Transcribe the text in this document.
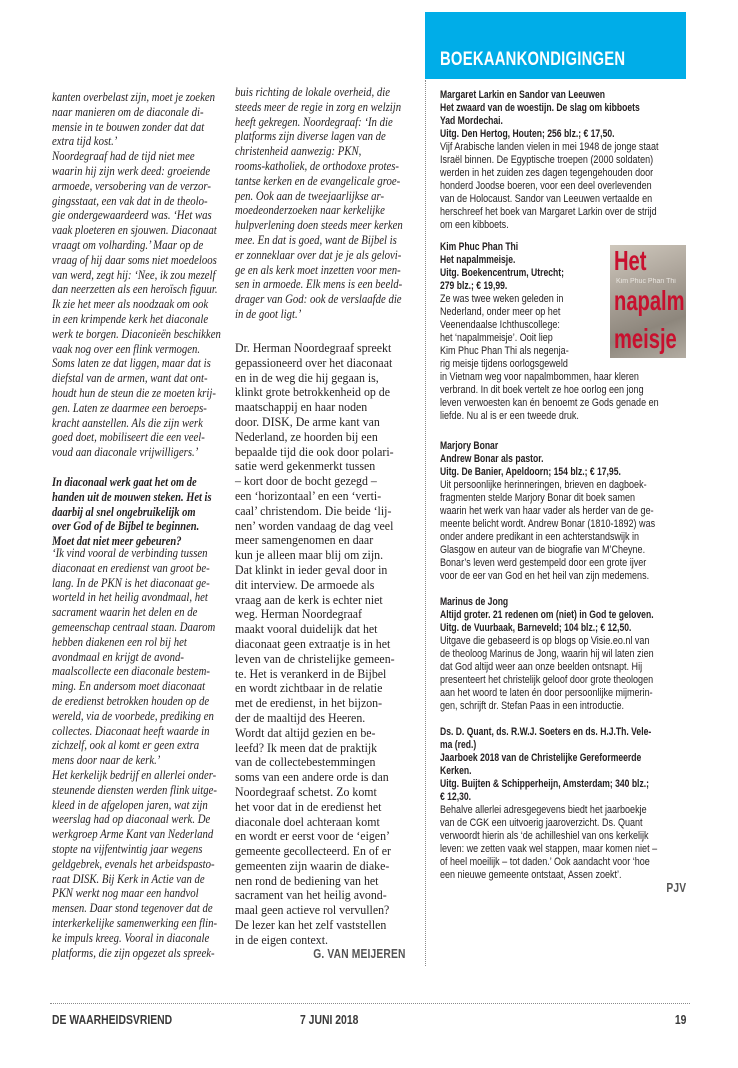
kanten overbelast zijn, moet je zoeken
naar manieren om de diaconale di-
mensie in te bouwen zonder dat dat
extra tijd kost.’
Noordegraaf had de tijd niet mee
waarin hij zijn werk deed: groeiende
armoede, versobering van de verzor-
gingsstaat, een vak dat in de theolo-
gie ondergewaardeerd was. ‘Het was
vaak ploeteren en sjouwen. Diaconaat
vraagt om volharding.’ Maar op de
vraag of hij daar soms niet moedeloos
van werd, zegt hij: ‘Nee, ik zou mezelf
dan neerzetten als een heroïsch figuur.
Ik zie het meer als noodzaak om ook
in een krimpende kerk het diaconale
werk te borgen. Diaconieën beschikken
vaak nog over een flink vermogen.
Soms laten ze dat liggen, maar dat is
diefstal van de armen, want dat ont-
houdt hun de steun die ze moeten krij-
gen. Laten ze daarmee een beroeps-
kracht aanstellen. Als die zijn werk
goed doet, mobiliseert die een veel-
voud aan diaconale vrijwilligers.’
In diaconaal werk gaat het om de
handen uit de mouwen steken. Het is
daarbij al snel ongebruikelijk om
over God of de Bijbel te beginnen.
Moet dat niet meer gebeuren?
‘Ik vind vooral de verbinding tussen
diaconaat en eredienst van groot be-
lang. In de PKN is het diaconaat ge-
worteld in het heilig avondmaal, het
sacrament waarin het delen en de
gemeenschap centraal staan. Daarom
hebben diakenen een rol bij het
avondmaal en krijgt de avond-
maalscollecte een diaconale bestem-
ming. En andersom moet diaconaat
de eredienst betrokken houden op de
wereld, via de voorbede, prediking en
collectes. Diaconaat heeft waarde in
zichzelf, ook al komt er geen extra
mens door naar de kerk.’
Het kerkelijk bedrijf en allerlei onder-
steunende diensten werden flink uitge-
kleed in de afgelopen jaren, wat zijn
weerslag had op diaconaal werk. De
werkgroep Arme Kant van Nederland
stopte na vijfentwintig jaar wegens
geldgebrek, evenals het arbeidspasto-
raat DISK. Bij Kerk in Actie van de
PKN werkt nog maar een handvol
mensen. Daar stond tegenover dat de
interkerkelijke samenwerking een flin-
ke impuls kreeg. Vooral in diaconale
platforms, die zijn opgezet als spreek-
buis richting de lokale overheid, die
steeds meer de regie in zorg en welzijn
heeft gekregen. Noordegraaf: ‘In die
platforms zijn diverse lagen van de
christenheid aanwezig: PKN,
rooms-katholiek, de orthodoxe protes-
tantse kerken en de evangelicale groe-
pen. Ook aan de tweejaarlijkse ar-
moedeonderzoeken naar kerkelijke
hulpverlening doen steeds meer kerken
mee. En dat is goed, want de Bijbel is
er zonneklaar over dat je je als gelovi-
ge en als kerk moet inzetten voor men-
sen in armoede. Elk mens is een beeld-
drager van God: ook de verslaafde die
in de goot ligt.’
Dr. Herman Noordegraaf spreekt
gepassioneerd over het diaconaat
en in de weg die hij gegaan is,
klinkt grote betrokkenheid op de
maatschappij en haar noden
door. DISK, De arme kant van
Nederland, ze hoorden bij een
bepaalde tijd die ook door polari-
satie werd gekenmerkt tussen
– kort door de bocht gezegd –
een ‘horizontaal’ en een ‘verti-
caal’ christendom. Die beide ‘lij-
nen’ worden vandaag de dag veel
meer samengenomen en daar
kun je alleen maar blij om zijn.
Dat klinkt in ieder geval door in
dit interview. De armoede als
vraag aan de kerk is echter niet
weg. Herman Noordegraaf
maakt vooral duidelijk dat het
diaconaat geen extraatje is in het
leven van de christelijke gemeen-
te. Het is verankerd in de Bijbel
en wordt zichtbaar in de relatie
met de eredienst, in het bijzon-
der de maaltijd des Heeren.
Wordt dat altijd gezien en be-
leefd? Ik meen dat de praktijk
van de collectebestemmingen
soms van een andere orde is dan
Noordegraaf schetst. Zo komt
het voor dat in de eredienst het
diaconale doel achteraan komt
en wordt er eerst voor de ‘eigen’
gemeente gecollecteerd. En of er
gemeenten zijn waarin de diake-
nen rond de bediening van het
sacrament van het heilig avond-
maal geen actieve rol vervullen?
De lezer kan het zelf vaststellen
in de eigen context.
G. VAN MEIJEREN
BOEKAANKONDIGINGEN
Margaret Larkin en Sandor van Leeuwen
Het zwaard van de woestijn. De slag om kibboets
Yad Mordechai.
Uitg. Den Hertog, Houten; 256 blz.; € 17,50.
Vijf Arabische landen vielen in mei 1948 de jonge staat
Israël binnen. De Egyptische troepen (2000 soldaten)
werden in het zuiden zes dagen tegengehouden door
honderd Joodse boeren, voor een deel overlevenden
van de Holocaust. Sandor van Leeuwen vertaalde en
herschreef het boek van Margaret Larkin over de strijd
om een kibboets.
Kim Phuc Phan Thi
Het napalmmeisje.
Uitg. Boekencentrum, Utrecht;
279 blz.; € 19,99.
Ze was twee weken geleden in
Nederland, onder meer op het
Veenendaalse Ichthuscollege:
het ‘napalmmeisje’. Ooit liep
Kim Phuc Phan Thi als negenja-
rig meisje tijdens oorlogsgeweld
in Vietnam weg voor napalmbommen, haar kleren
verbrand. In dit boek vertelt ze hoe oorlog een jong
leven verwoesten kan én benoemt ze Gods genade en
liefde. Nu al is er een tweede druk.
Het
Kim Phuc Phan Thi
napalm
meisje
Marjory Bonar
Andrew Bonar als pastor.
Uitg. De Banier, Apeldoorn; 154 blz.; € 17,95.
Uit persoonlijke herinneringen, brieven en dagboek-
fragmenten stelde Marjory Bonar dit boek samen
waarin het werk van haar vader als herder van de ge-
meente belicht wordt. Andrew Bonar (1810-1892) was
onder andere predikant in een achterstandswijk in
Glasgow en auteur van de biografie van M’Cheyne.
Bonar’s leven werd gestempeld door een grote ijver
voor de eer van God en het heil van zijn medemens.
Marinus de Jong
Altijd groter. 21 redenen om (niet) in God te geloven.
Uitg. de Vuurbaak, Barneveld; 104 blz.; € 12,50.
Uitgave die gebaseerd is op blogs op Visie.eo.nl van
de theoloog Marinus de Jong, waarin hij wil laten zien
dat God altijd weer aan onze beelden ontsnapt. Hij
presenteert het christelijk geloof door grote theologen
aan het woord te laten én door persoonlijke mijmerin-
gen, schrijft dr. Stefan Paas in een introductie.
Ds. D. Quant, ds. R.W.J. Soeters en ds. H.J.Th. Vele-
ma (red.)
Jaarboek 2018 van de Christelijke Gereformeerde
Kerken.
Uitg. Buijten & Schipperheijn, Amsterdam; 340 blz.;
€ 12,30.
Behalve allerlei adresgegevens biedt het jaarboekje
van de CGK een uitvoerig jaaroverzicht. Ds. Quant
verwoordt hierin als ‘de achilleshiel van ons kerkelijk
leven: we zetten vaak wel stappen, maar komen niet –
of heel moeilijk – tot daden.’ Ook aandacht voor ‘hoe
een nieuwe gemeente ontstaat, Assen zoekt’.
PJV
DE WAARHEIDSVRIEND	7 JUNI 2018	19
